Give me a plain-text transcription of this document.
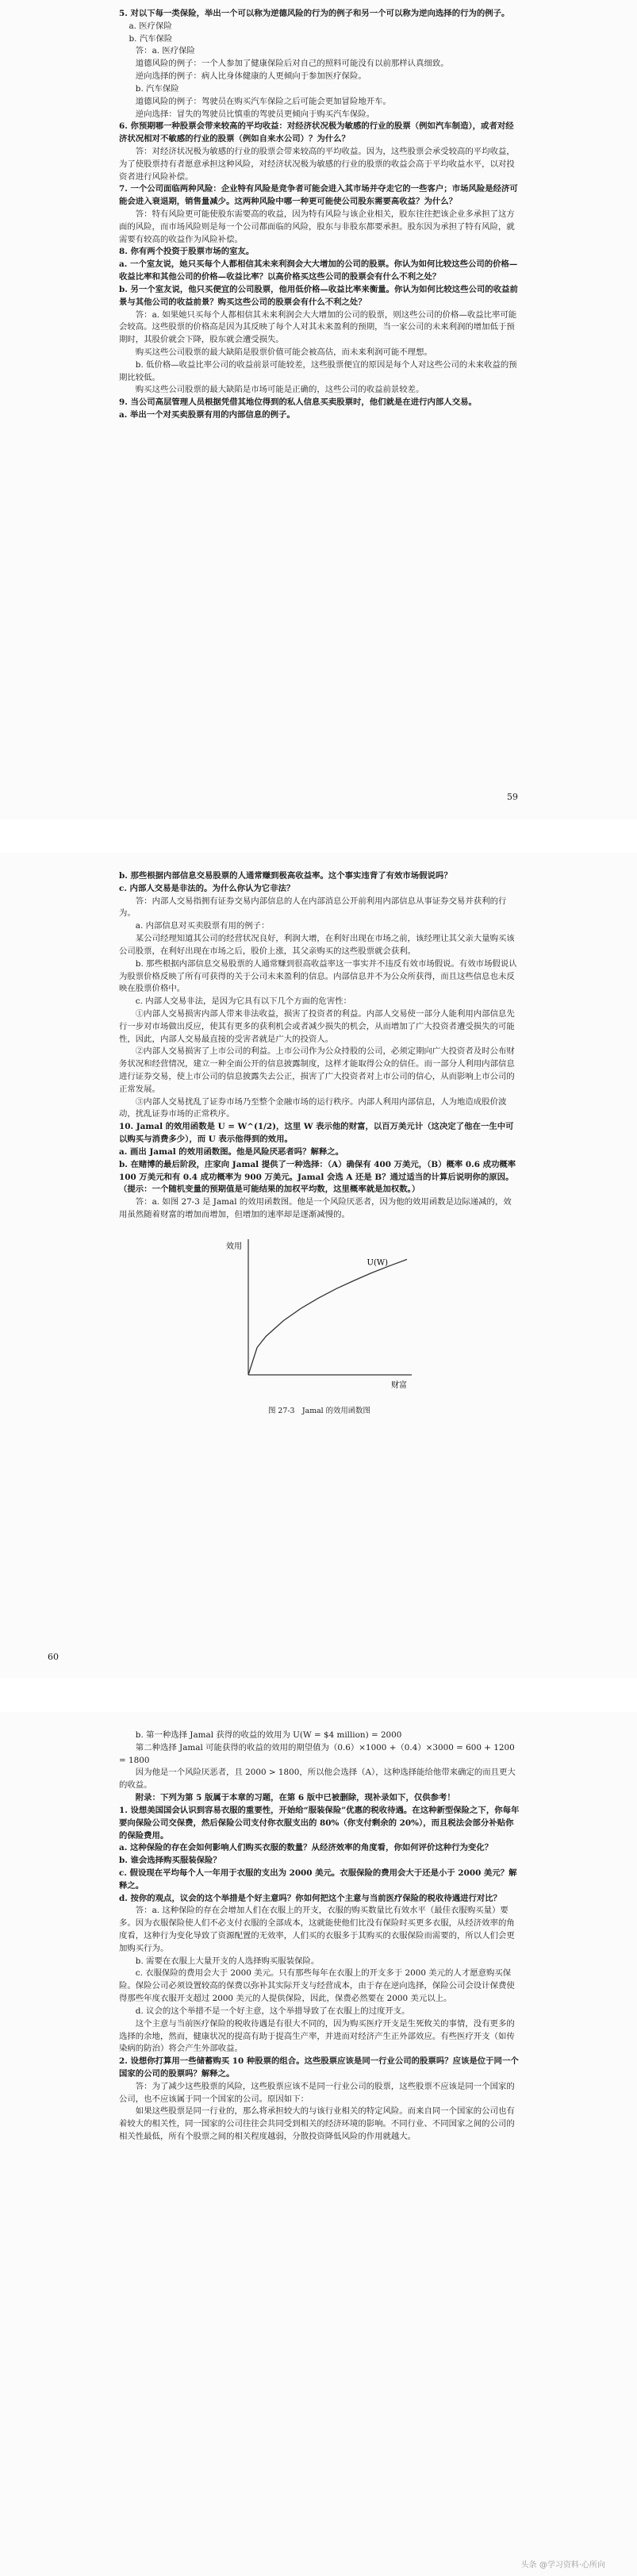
5. 对以下每一类保险，举出一个可以称为逆德风险的行为的例子和另一个可以称为逆向选择的行为的例子。

a. 医疗保险

b. 汽车保险

答：a. 医疗保险

道德风险的例子：一个人参加了健康保险后对自己的照料可能没有以前那样认真细致。

逆向选择的例子：病人比身体健康的人更倾向于参加医疗保险。

b. 汽车保险

道德风险的例子：驾驶员在购买汽车保险之后可能会更加冒险地开车。

逆向选择：冒失的驾驶员比慎重的驾驶员更倾向于购买汽车保险。

6. 你预期哪一种股票会带来较高的平均收益：对经济状况极为敏感的行业的股票（例如汽车制造），或者对经济状况相对不敏感的行业的股票（例如自来水公司）？为什么？

答：对经济状况极为敏感的行业的股票会带来较高的平均收益。因为，这些股票会承受较高的平均收益，为了使股票持有者愿意承担这种风险，对经济状况极为敏感的行业的股票的收益会高于平均收益水平，以对投资者进行风险补偿。

7. 一个公司面临两种风险：企业特有风险是竞争者可能会进入其市场并夺走它的一些客户；市场风险是经济可能会进入衰退期，销售量减少。这两种风险中哪一种更可能使公司股东需要高收益？为什么？

答：特有风险更可能使股东需要高的收益，因为特有风险与该企业相关，股东往往把该企业多承担了这方面的风险，而市场风险则是每一个公司都面临的风险，股东与非股东都要承担。股东因为承担了特有风险，就需要有较高的收益作为风险补偿。

8. 你有两个投资于股票市场的室友。

a. 一个室友说，她只买每个人都相信其未来利润会大大增加的公司的股票。你认为如何比较这些公司的价格—收益比率和其他公司的价格—收益比率？以高价格买这些公司的股票会有什么不利之处？

b. 另一个室友说，他只买便宜的公司股票，他用低价格—收益比率来衡量。你认为如何比较这些公司的收益前景与其他公司的收益前景？购买这些公司的股票会有什么不利之处？

答：a. 如果她只买每个人都相信其未来利润会大大增加的公司的股票，则这些公司的价格—收益比率可能会较高。这些股票的价格高是因为其反映了每个人对其未来盈利的预期，当一家公司的未来利润的增加低于预期时，其股价就会下降，股东就会遭受损失。

购买这些公司股票的最大缺陷是股票价值可能会被高估，而未来利润可能不理想。

b. 低价格—收益比率公司的收益前景可能较差，这些股票便宜的原因是每个人对这些公司的未来收益的预期比较低。

购买这些公司股票的最大缺陷是市场可能是正确的，这些公司的收益前景较差。

9. 当公司高层管理人员根据凭借其地位得到的私人信息买卖股票时，他们就是在进行内部人交易。

a. 举出一个对买卖股票有用的内部信息的例子。

59

b. 那些根据内部信息交易股票的人通常赚到极高收益率。这个事实违背了有效市场假说吗？

c. 内部人交易是非法的。为什么你认为它非法？

答：内部人交易指拥有证券交易内部信息的人在内部消息公开前利用内部信息从事证券交易并获利的行为。

a. 内部信息对买卖股票有用的例子：

某公司经理知道其公司的经营状况良好，利润大增，在利好出现在市场之前，该经理让其父亲大量购买该公司股票，在利好出现在市场之后，股价上涨，其父亲购买的这些股票就会获利。

b. 那些根据内部信息交易股票的人通常赚到很高收益率这一事实并不违反有效市场假说。有效市场假说认为股票价格反映了所有可获得的关于公司未来盈利的信息。内部信息并不为公众所获得，而且这些信息也未反映在股票价格中。

c. 内部人交易非法，是因为它具有以下几个方面的危害性：

①内部人交易损害内部人带来非法收益，损害了投资者的利益。内部人交易使一部分人能利用内部信息先行一步对市场做出反应，使其有更多的获利机会或者减少损失的机会，从而增加了广大投资者遭受损失的可能性，因此，内部人交易最直接的受害者就是广大的投资人。

②内部人交易损害了上市公司的利益。上市公司作为公众持股的公司，必须定期向广大投资者及时公布财务状况和经营情况，建立一种全面公开的信息披露制度，这样才能取得公众的信任。而一部分人利用内部信息进行证券交易，使上市公司的信息披露失去公正，损害了广大投资者对上市公司的信心，从而影响上市公司的正常发展。

③内部人交易扰乱了证券市场乃至整个金融市场的运行秩序。内部人利用内部信息，人为地造成股价波动，扰乱证券市场的正常秩序。

10. Jamal 的效用函数是 U = W^(1/2)，这里 W 表示他的财富，以百万美元计（这决定了他在一生中可以购买与消费多少），而 U 表示他得到的效用。

a. 画出 Jamal 的效用函数图。他是风险厌恶者吗？解释之。

b. 在赌博的最后阶段，庄家向 Jamal 提供了一种选择：（A）确保有 400 万美元，（B）概率 0.6 成功概率 100 万美元和有 0.4 成功概率为 900 万美元。Jamal 会选 A 还是 B？通过适当的计算后说明你的原因。（提示：一个随机变量的预期值是可能结果的加权平均数，这里概率就是加权数。）

答：a. 如图 27-3 是 Jamal 的效用函数图。他是一个风险厌恶者，因为他的效用函数是边际递减的，效用虽然随着财富的增加而增加，但增加的速率却是逐渐减慢的。

效用
财富
U(W)
图 27-3　Jamal 的效用函数图
60

b. 第一种选择 Jamal 获得的收益的效用为 U(W = $4 million) = 2000

第二种选择 Jamal 可能获得的收益的效用的期望值为（0.6）×1000 +（0.4）×3000 = 600 + 1200 = 1800

因为他是一个风险厌恶者，且 2000 > 1800，所以他会选择（A），这种选择能给他带来确定的而且更大的收益。

附录：下列为第 5 版属于本章的习题，在第 6 版中已被删除，现补录如下，仅供参考！

1. 设想美国国会认识到容易衣服的重要性，开始给“服装保险”优惠的税收待遇。在这种新型保险之下，你每年要向保险公司交保费，然后保险公司支付你衣服支出的 80%（你支付剩余的 20%），而且税法会部分补贴你的保险费用。

a. 这种保险的存在会如何影响人们购买衣服的数量？从经济效率的角度看，你如何评价这种行为变化？

b. 谁会选择购买服装保险？

c. 假设现在平均每个人一年用于衣服的支出为 2000 美元。衣服保险的费用会大于还是小于 2000 美元？解释之。

d. 按你的观点，议会的这个举措是个好主意吗？你如何把这个主意与当前医疗保险的税收待遇进行对比？

答：a. 这种保险的存在会增加人们在衣服上的开支，衣服的购买数量比有效水平（最佳衣服购买量）要多。因为衣服保险使人们不必支付衣服的全部成本，这就能使他们比没有保险时买更多衣服，从经济效率的角度看，这种行为变化导致了资源配置的无效率，人们买的衣服多于其购买的衣服保险而需要的，所以人们会更加购买行为。

b. 需要在衣服上大量开支的人选择购买服装保险。

c. 衣服保险的费用会大于 2000 美元。只有那些每年在衣服上的开支多于 2000 美元的人才愿意购买保险。保险公司必须设置较高的保费以弥补其实际开支与经营成本，由于存在逆向选择，保险公司会设计保费使得那些年度衣服开支超过 2000 美元的人提供保险，因此，保费必然要在 2000 美元以上。

d. 议会的这个举措不是一个好主意，这个举措导致了在衣服上的过度开支。

这个主意与当前医疗保险的税收待遇是有很大不同的，因为购买医疗开支是生死攸关的事情，没有更多的选择的余地，然而，健康状况的提高有助于提高生产率，并进而对经济产生正外部效应。有些医疗开支（如传染病的防治）将会产生外部收益。

2. 设想你打算用一些储蓄购买 10 种股票的组合。这些股票应该是同一行业公司的股票吗？应该是位于同一个国家的公司的股票吗？解释之。

答：为了减少这些股票的风险，这些股票应该不是同一行业公司的股票，这些股票不应该是同一个国家的公司，也不应该属于同一个国家的公司。原因如下：

如果这些股票是同一行业的，那么将承担较大的与该行业相关的特定风险。而来自同一个国家的公司也有着较大的相关性，同一国家的公司往往会共同受到相关的经济环境的影响。不同行业、不同国家之间的公司的相关性最低，所有个股票之间的相关程度越弱，分散投资降低风险的作用就越大。

头条 @学习资料·心所向
